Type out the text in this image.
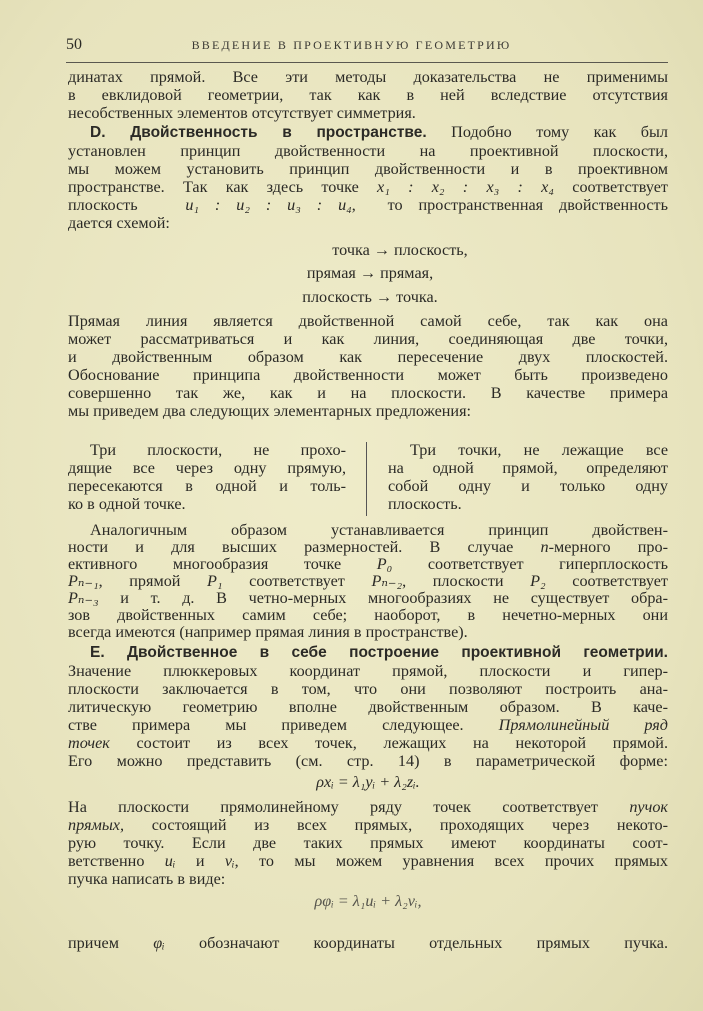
50	ВВЕДЕНИЕ В ПРОЕКТИВНУЮ ГЕОМЕТРИЮ
динатах прямой. Все эти методы доказательства не применимы
в евклидовой геометрии, так как в ней вследствие отсутствия
несобственных элементов отсутствует симметрия.
D. Двойственность в пространстве. Подобно тому как был
установлен принцип двойственности на проективной плоскости,
мы можем установить принцип двойственности и в проективном
пространстве. Так как здесь точке x₁ : x₂ : x₃ : x₄ соответствует
плоскость   u₁ : u₂ : u₃ : u₄,  то пространственная двойственность
дается схемой:
точка → плоскость,
прямая → прямая,
плоскость → точка.
Прямая линия является двойственной самой себе, так как она
может рассматриваться и как линия, соединяющая две точки,
и двойственным образом как пересечение двух плоскостей.
Обоснование принципа двойственности может быть произведено
совершенно так же, как и на плоскости. В качестве примера
мы приведем два следующих элементарных предложения:
Три плоскости, не прохо-
дящие все через одну прямую,
пересекаются в одной и толь-
ко в одной точке.
Три точки, не лежащие все
на одной прямой, определяют
собой одну и только одну
плоскость.
Аналогичным образом устанавливается принцип двойствен-
ности и для высших размерностей. В случае n-мерного про-
ективного многообразия точке P₀ соответствует гиперплоскость
Pₙ₋₁, прямой P₁ соответствует Pₙ₋₂, плоскости P₂ соответствует
Pₙ₋₃ и т. д. В четно-мерных многообразиях не существует обра-
зов двойственных самим себе; наоборот, в нечетно-мерных они
всегда имеются (например прямая линия в пространстве).
E. Двойственное в себе построение проективной геометрии.
Значение плюккеровых координат прямой, плоскости и гипер-
плоскости заключается в том, что они позволяют построить ана-
литическую геометрию вполне двойственным образом. В каче-
стве примера мы приведем следующее. Прямолинейный ряд
точек состоит из всех точек, лежащих на некоторой прямой.
Его можно представить (см. стр. 14) в параметрической форме:
ρxᵢ = λ₁yᵢ + λ₂zᵢ.
На плоскости прямолинейному ряду точек соответствует пучок
прямых, состоящий из всех прямых, проходящих через некото-
рую точку. Если две таких прямых имеют координаты соот-
ветственно uᵢ и vᵢ, то мы можем уравнения всех прочих прямых
пучка написать в виде:
ρφᵢ = λ₁uᵢ + λ₂vᵢ,
причем φᵢ обозначают координаты отдельных прямых пучка.
